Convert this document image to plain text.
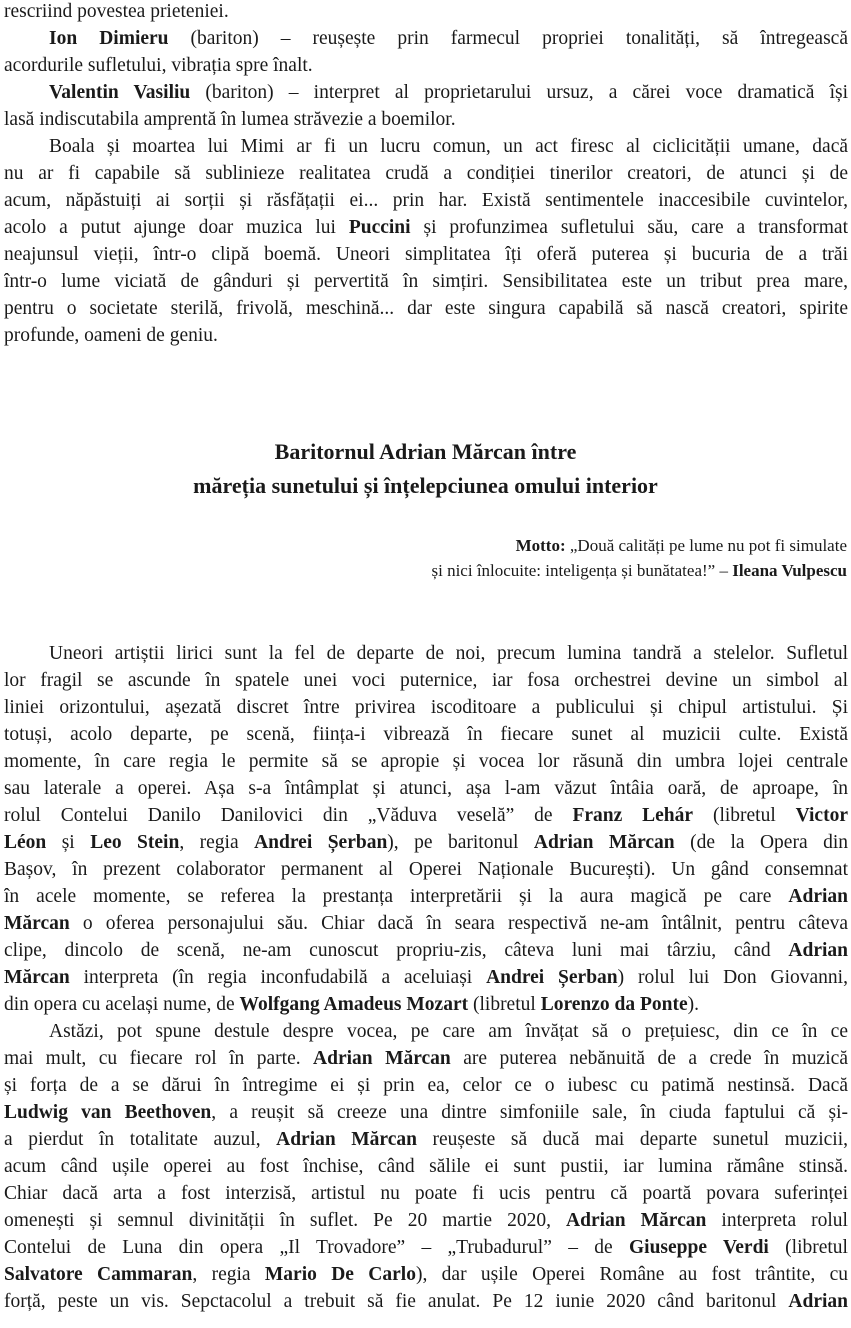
rescriind povestea prieteniei.
Ion Dimieru (bariton) – reușește prin farmecul propriei tonalități, să întregească
acordurile sufletului, vibrația spre înalt.
Valentin Vasiliu (bariton) – interpret al proprietarului ursuz, a cărei voce dramatică își
lasă indiscutabila amprentă în lumea străvezie a boemilor.
Boala și moartea lui Mimi ar fi un lucru comun, un act firesc al ciclicității umane, dacă
nu ar fi capabile să sublinieze realitatea crudă a condiției tinerilor creatori, de atunci și de
acum, năpăstuiți ai sorții și răsfățații ei... prin har. Există sentimentele inaccesibile cuvintelor,
acolo a putut ajunge doar muzica lui Puccini și profunzimea sufletului său, care a transformat
neajunsul vieții, într-o clipă boemă. Uneori simplitatea îți oferă puterea și bucuria de a trăi
într-o lume viciată de gânduri și pervertită în simțiri. Sensibilitatea este un tribut prea mare,
pentru o societate sterilă, frivolă, meschină... dar este singura capabilă să nască creatori, spirite
profunde, oameni de geniu.
Baritornul Adrian Mărcan între
măreția sunetului și înțelepciunea omului interior
Motto: „Două calități pe lume nu pot fi simulate
și nici înlocuite: inteligența și bunătatea!” – Ileana Vulpescu
Uneori artiștii lirici sunt la fel de departe de noi, precum lumina tandră a stelelor. Sufletul
lor fragil se ascunde în spatele unei voci puternice, iar fosa orchestrei devine un simbol al
liniei orizontului, așezată discret între privirea iscoditoare a publicului și chipul artistului. Și
totuși, acolo departe, pe scenă, ființa-i vibrează în fiecare sunet al muzicii culte. Există
momente, în care regia le permite să se apropie și vocea lor răsună din umbra lojei centrale
sau laterale a operei. Așa s-a întâmplat și atunci, așa l-am văzut întâia oară, de aproape, în
rolul Contelui Danilo Danilovici din „Văduva veselă” de Franz Lehár (libretul Victor
Léon și Leo Stein, regia Andrei Șerban), pe baritonul Adrian Mărcan (de la Opera din
Bașov, în prezent colaborator permanent al Operei Naționale București). Un gând consemnat
în acele momente, se referea la prestanța interpretării și la aura magică pe care Adrian
Mărcan o oferea personajului său. Chiar dacă în seara respectivă ne-am întâlnit, pentru câteva
clipe, dincolo de scenă, ne-am cunoscut propriu-zis, câteva luni mai târziu, când Adrian
Mărcan interpreta (în regia inconfudabilă a aceluiași Andrei Șerban) rolul lui Don Giovanni,
din opera cu același nume, de Wolfgang Amadeus Mozart (libretul Lorenzo da Ponte).
Astăzi, pot spune destule despre vocea, pe care am învățat să o prețuiesc, din ce în ce
mai mult, cu fiecare rol în parte. Adrian Mărcan are puterea nebănuită de a crede în muzică
și forța de a se dărui în întregime ei și prin ea, celor ce o iubesc cu patimă nestinsă. Dacă
Ludwig van Beethoven, a reușit să creeze una dintre simfoniile sale, în ciuda faptului că și-
a pierdut în totalitate auzul, Adrian Mărcan reușeste să ducă mai departe sunetul muzicii,
acum când ușile operei au fost închise, când sălile ei sunt pustii, iar lumina rămâne stinsă.
Chiar dacă arta a fost interzisă, artistul nu poate fi ucis pentru că poartă povara suferinței
omenești și semnul divinității în suflet. Pe 20 martie 2020, Adrian Mărcan interpreta rolul
Contelui de Luna din opera „Il Trovadore” – „Trubadurul” – de Giuseppe Verdi (libretul
Salvatore Cammaran, regia Mario De Carlo), dar ușile Operei Române au fost trântite, cu
forță, peste un vis. Sepctacolul a trebuit să fie anulat. Pe 12 iunie 2020 când baritonul Adrian
